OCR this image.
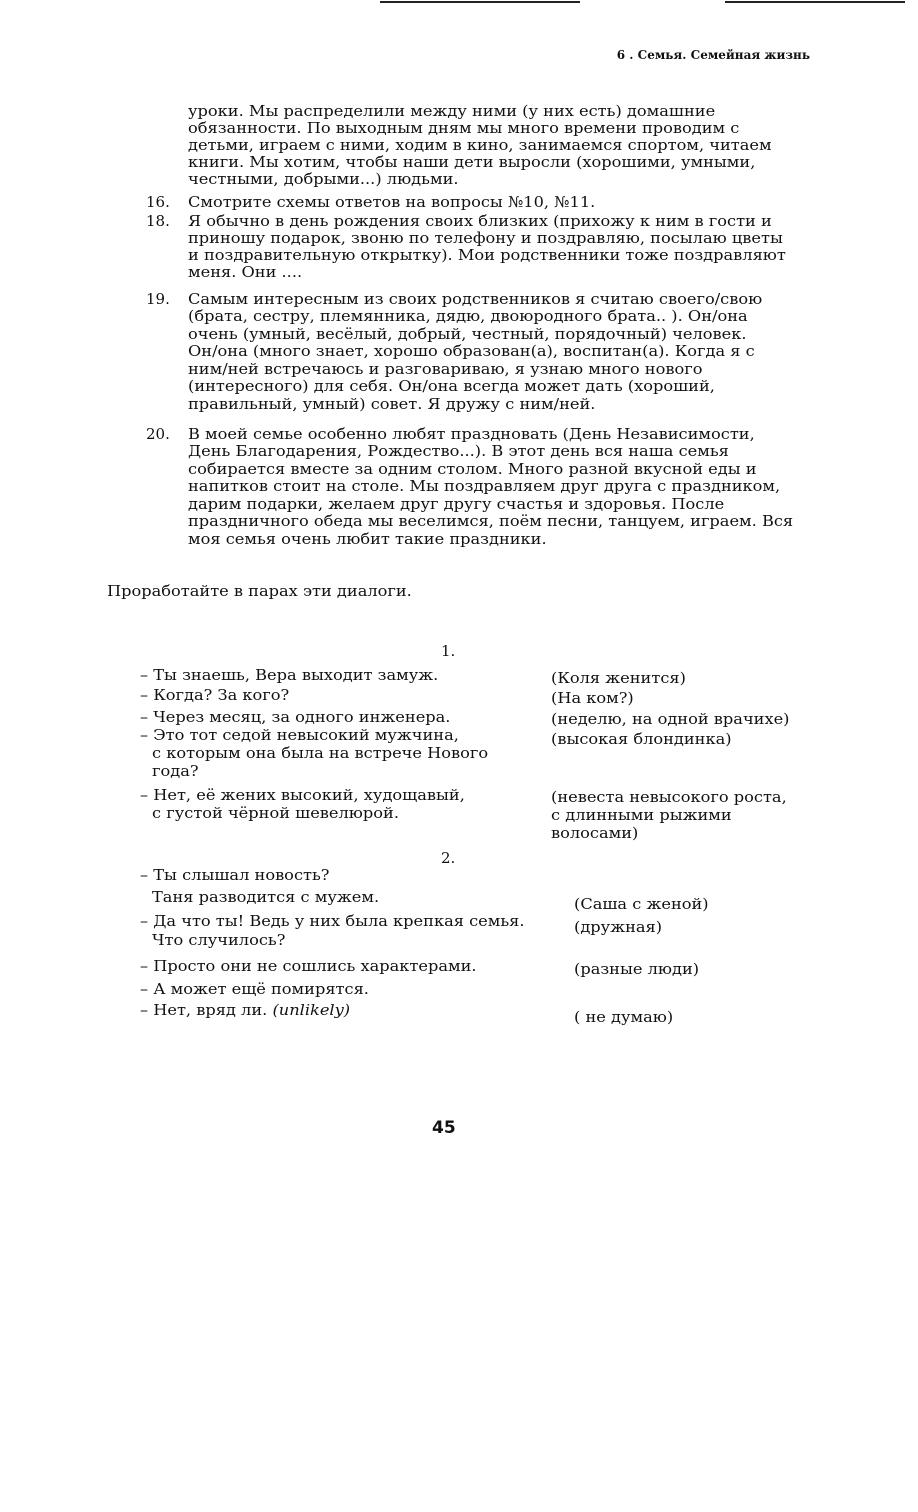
6 . Семья. Семейная жизнь
уроки. Мы распределили между ними (у них есть) домашние
обязанности. По выходным дням мы много времени проводим с
детьми, играем с ними, ходим в кино, занимаемся спортом, читаем
книги. Мы хотим, чтобы наши дети выросли (хорошими, умными,
честными, добрыми...) людьми.
16. Смотрите схемы ответов на вопросы №10, №11.
18. Я обычно в день рождения своих близких (прихожу к ним в гости и
приношу подарок, звоню по телефону и поздравляю, посылаю цветы
и поздравительную открытку). Мои родственники тоже поздравляют
меня. Они ....
19. Самым интересным из своих родственников я считаю своего/свою
(брата, сестру, племянника, дядю, двоюродного брата.. ). Он/она
очень (умный, весёлый, добрый, честный, порядочный) человек.
Он/она (много знает, хорошо образован(а), воспитан(а). Когда я с
ним/ней встречаюсь и разговариваю, я узнаю много нового
(интересного) для себя. Он/она всегда может дать (хороший,
правильный, умный) совет. Я дружу с ним/ней.
20. В моей семье особенно любят праздновать (День Независимости,
День Благодарения, Рождество...). В этот день вся наша семья
собирается вместе за одним столом. Много разной вкусной еды и
напитков стоит на столе. Мы поздравляем друг друга с праздником,
дарим подарки, желаем друг другу счастья и здоровья. После
праздничного обеда мы веселимся, поём песни, танцуем, играем. Вся
моя семья очень любит такие праздники.
Проработайте в парах эти диалоги.
1.
– Ты знаешь, Вера выходит замуж.
– Когда? За кого?
– Через месяц, за одного инженера.
– Это тот седой невысокий мужчина,
с которым она была на встрече Нового
года?
– Нет, её жених высокий, худощавый,
с густой чёрной шевелюрой.
(Коля женится)
(На ком?)
(неделю, на одной врачихе)
(высокая блондинка)
(невеста невысокого роста,
с длинными рыжими
волосами)
2.
– Ты слышал новость?
Таня разводится с мужем.
– Да что ты! Ведь у них была крепкая семья.
Что случилось?
– Просто они не сошлись характерами.
– А может ещё помирятся.
– Нет, вряд ли. (unlikely)
(Саша с женой)
(дружная)
(разные люди)
( не думаю)
45
